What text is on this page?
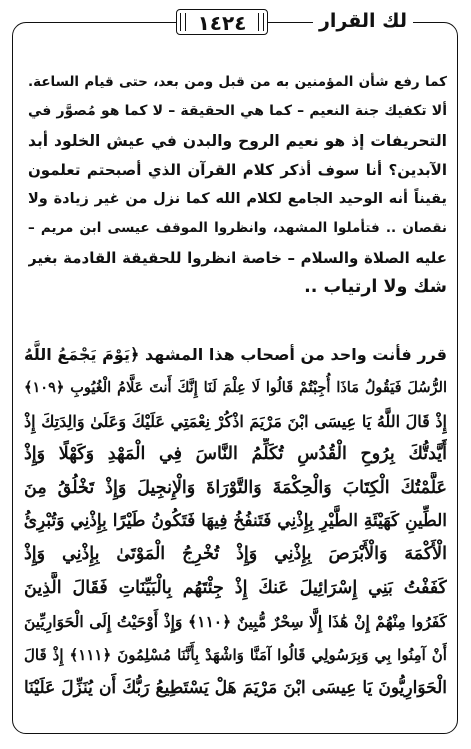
١٤٢٤	لك القرار
كما رفع شأن المؤمنين به من قبل ومن بعد، حتى قيام الساعة.
ألا تكفيك جنة النعيم – كما هي الحقيقة – لا كما هو مُصوَّر في
التحريفات إذ هو نعيم الروح والبدن في عيش الخلود أبد
الآبدين؟ أنا سوف أذكر كلام القرآن الذي أصبحتم تعلمون
يقيناً أنه الوحيد الجامع لكلام الله كما نزل من غير زيادة ولا
نقصان .. فتأملوا المشهد، وانظروا الموقف عيسى ابن مريم –
عليه الصلاة والسلام – خاصة انظروا للحقيقة القادمة بغير
شك ولا ارتياب ..
قرر فأنت واحد من أصحاب هذا المشهد ﴿يَوْمَ يَجْمَعُ اللَّهُ
الرُّسُلَ فَيَقُولُ مَاذَا أُجِبْتُمْ قَالُوا لَا عِلْمَ لَنَا إِنَّكَ أَنتَ عَلَّامُ الْغُيُوبِ ﴿١٠٩﴾
إِذْ قَالَ اللَّهُ يَا عِيسَى ابْنَ مَرْيَمَ اذْكُرْ نِعْمَتِي عَلَيْكَ وَعَلَىٰ وَالِدَتِكَ إِذْ
أَيَّدتُّكَ بِرُوحِ الْقُدُسِ تُكَلِّمُ النَّاسَ فِي الْمَهْدِ وَكَهْلًا وَإِذْ
عَلَّمْتُكَ الْكِتَابَ وَالْحِكْمَةَ وَالتَّوْرَاةَ وَالْإِنجِيلَ وَإِذْ تَخْلُقُ مِنَ
الطِّينِ كَهَيْئَةِ الطَّيْرِ بِإِذْنِي فَتَنفُخُ فِيهَا فَتَكُونُ طَيْرًا بِإِذْنِي وَتُبْرِئُ
الْأَكْمَهَ وَالْأَبْرَصَ بِإِذْنِي وَإِذْ تُخْرِجُ الْمَوْتَىٰ بِإِذْنِي وَإِذْ
كَفَفْتُ بَنِي إِسْرَائِيلَ عَنكَ إِذْ جِئْتَهُم بِالْبَيِّنَاتِ فَقَالَ الَّذِينَ
كَفَرُوا مِنْهُمْ إِنْ هَٰذَا إِلَّا سِحْرٌ مُّبِينٌ ﴿١١٠﴾ وَإِذْ أَوْحَيْتُ إِلَى الْحَوَارِيِّينَ
أَنْ آمِنُوا بِي وَبِرَسُولِي قَالُوا آمَنَّا وَاشْهَدْ بِأَنَّنَا مُسْلِمُونَ ﴿١١١﴾ إِذْ قَالَ
الْحَوَارِيُّونَ يَا عِيسَى ابْنَ مَرْيَمَ هَلْ يَسْتَطِيعُ رَبُّكَ أَن يُنَزِّلَ عَلَيْنَا
